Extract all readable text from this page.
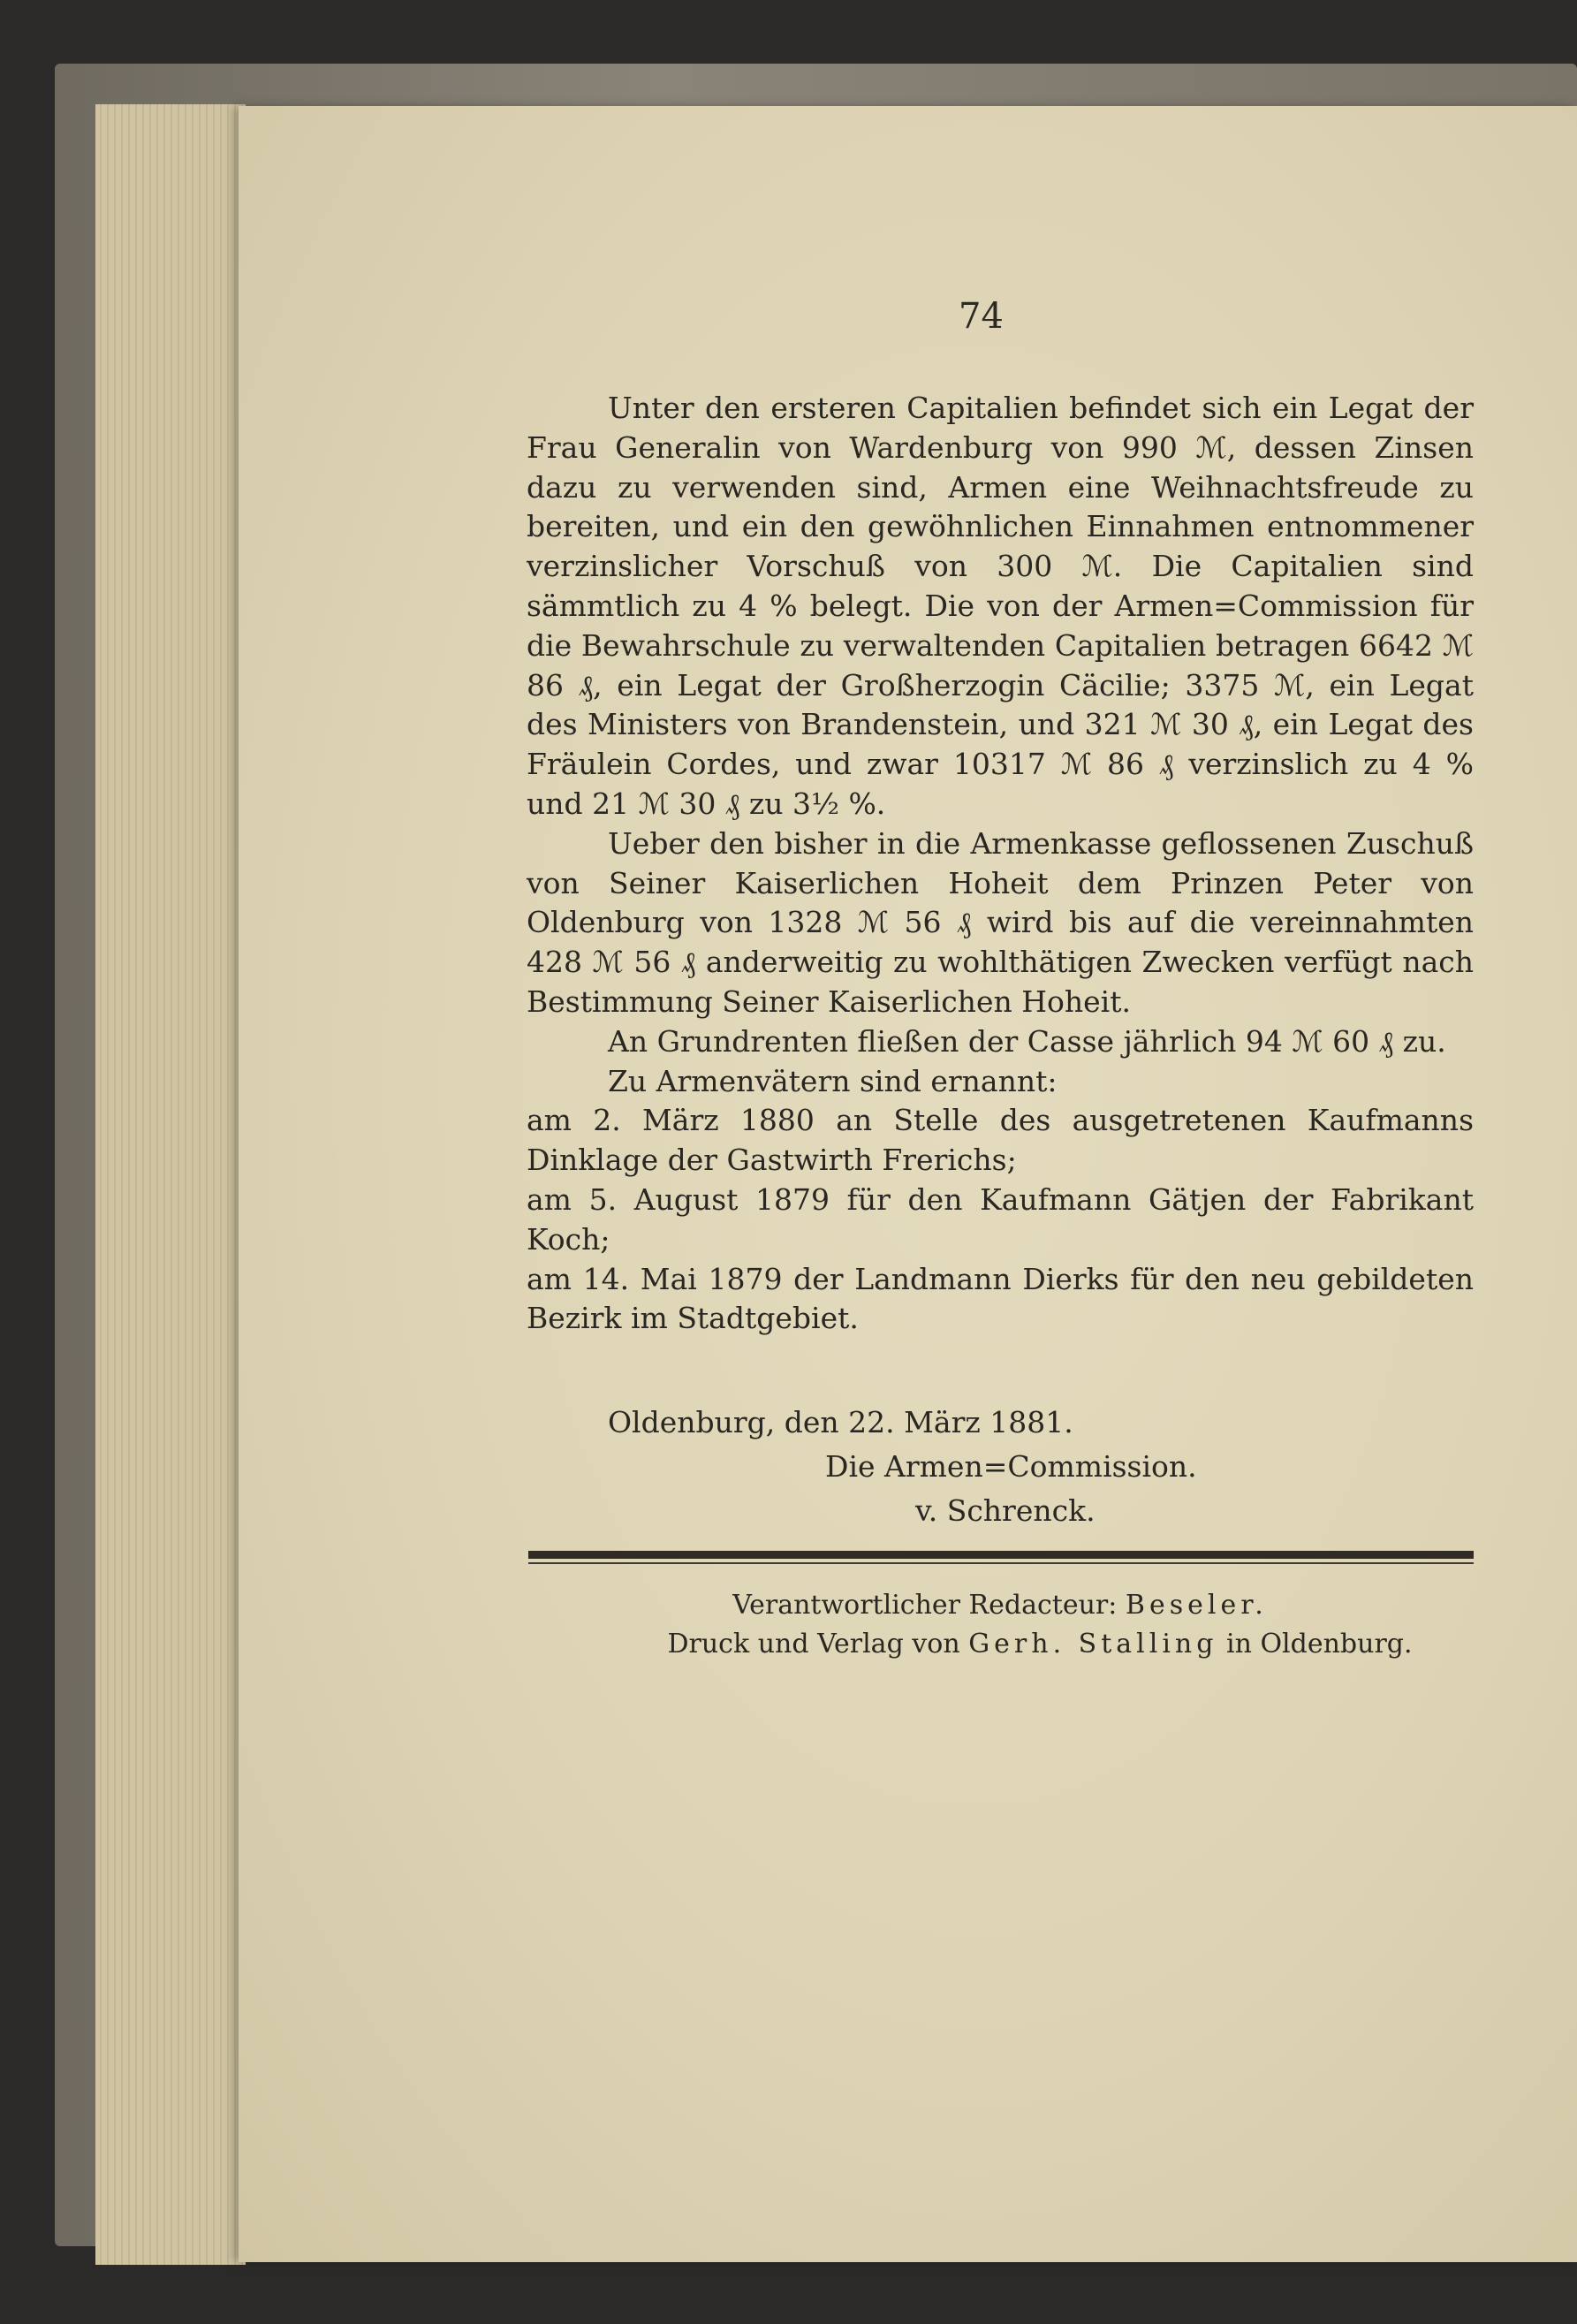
74

Unter den ersteren Capitalien befindet sich ein Legat der Frau Generalin von Wardenburg von 990 ℳ, dessen Zinsen dazu zu verwenden sind, Armen eine Weihnachtsfreude zu bereiten, und ein den gewöhnlichen Einnahmen entnommener verzinslicher Vorschuß von 300 ℳ. Die Capitalien sind sämmtlich zu 4 % belegt. Die von der Armen=Commission für die Bewahrschule zu verwaltenden Capitalien betragen 6642 ℳ 86 ₰, ein Legat der Großherzogin Cäcilie; 3375 ℳ, ein Legat des Ministers von Brandenstein, und 321 ℳ 30 ₰, ein Legat des Fräulein Cordes, und zwar 10317 ℳ 86 ₰ verzinslich zu 4 % und 21 ℳ 30 ₰ zu 3½ %.

Ueber den bisher in die Armenkasse geflossenen Zuschuß von Seiner Kaiserlichen Hoheit dem Prinzen Peter von Oldenburg von 1328 ℳ 56 ₰ wird bis auf die vereinnahmten 428 ℳ 56 ₰ anderweitig zu wohlthätigen Zwecken verfügt nach Bestimmung Seiner Kaiserlichen Hoheit.

An Grundrenten fließen der Casse jährlich 94 ℳ 60 ₰ zu.

Zu Armenvätern sind ernannt:

am 2. März 1880 an Stelle des ausgetretenen Kaufmanns Dinklage der Gastwirth Frerichs;

am 5. August 1879 für den Kaufmann Gätjen der Fabrikant Koch;

am 14. Mai 1879 der Landmann Dierks für den neu gebildeten Bezirk im Stadtgebiet.

Oldenburg, den 22. März 1881.
Die Armen=Commission.
v. Schrenck.
Verantwortlicher Redacteur: Beseler.
Druck und Verlag von Gerh. Stalling in Oldenburg.
